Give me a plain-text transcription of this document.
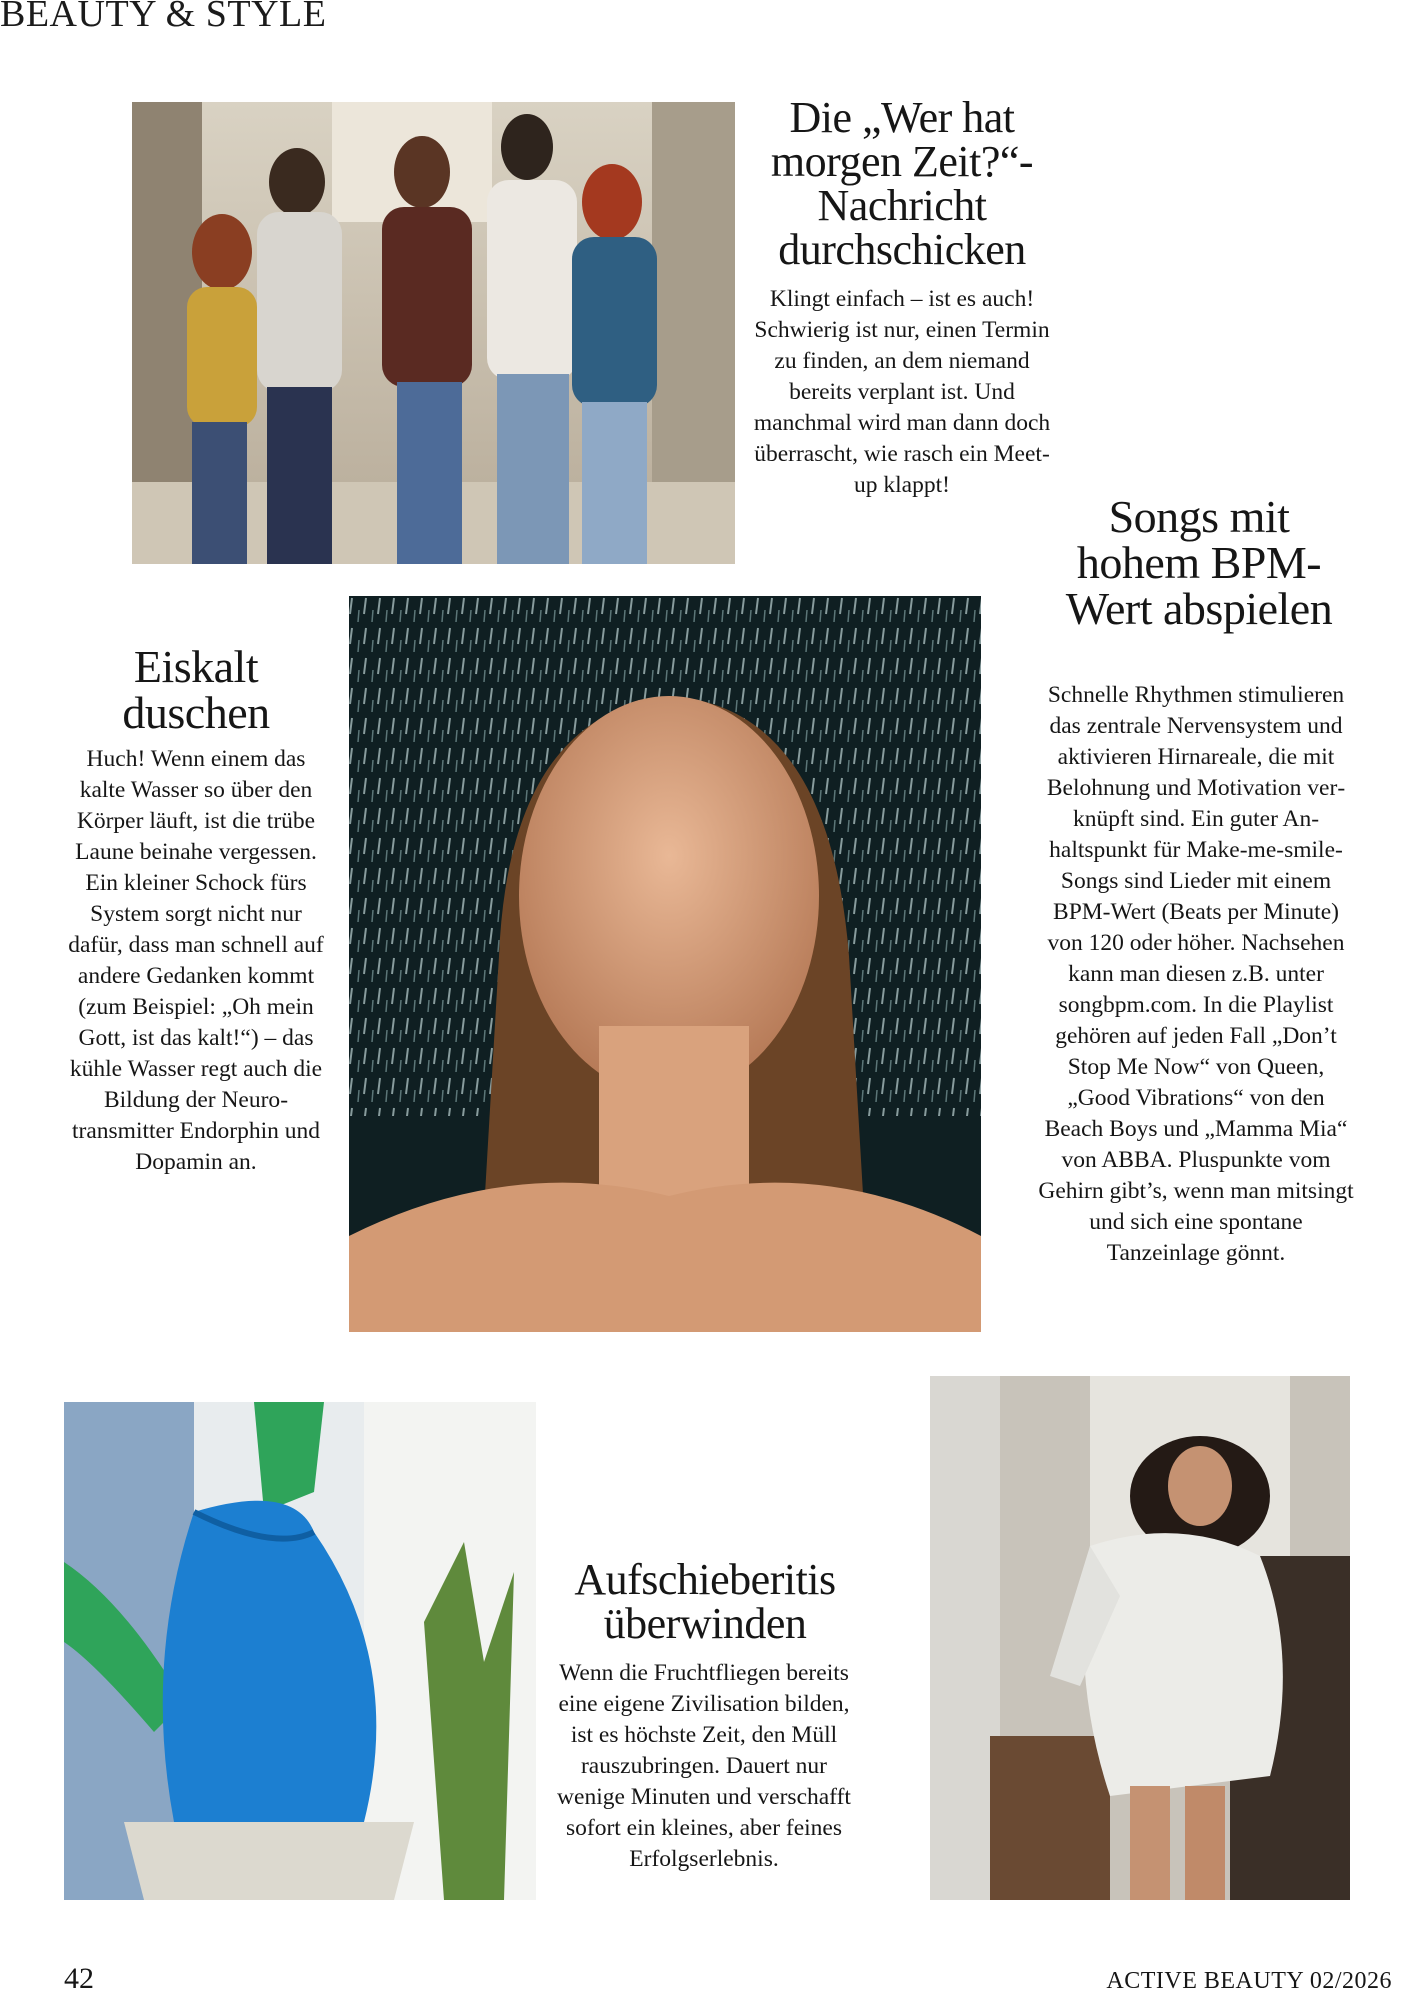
BEAUTY & STYLE
Die „Wer hat morgen Zeit?“-Nachricht durchschicken

Klingt einfach – ist es auch! Schwierig ist nur, einen Termin zu finden, an dem niemand bereits verplant ist. Und manchmal wird man dann doch überrascht, wie rasch ein Meet-up klappt!

Songs mit hohem BPM-Wert abspielen

Schnelle Rhythmen stimulieren das zentrale Nervensystem und aktivieren Hirnareale, die mit Belohnung und Motivation verknüpft sind. Ein guter Anhaltspunkt für Make-me-smile-Songs sind Lieder mit einem BPM-Wert (Beats per Minute) von 120 oder höher. Nachsehen kann man diesen z.B. unter songbpm.com. In die Playlist gehören auf jeden Fall „Don’t Stop Me Now“ von Queen, „Good Vibrations“ von den Beach Boys und „Mamma Mia“ von ABBA. Pluspunkte vom Gehirn gibt’s, wenn man mitsingt und sich eine spontane Tanzeinlage gönnt.

Eiskalt duschen

Huch! Wenn einem das kalte Wasser so über den Körper läuft, ist die trübe Laune beinahe vergessen. Ein kleiner Schock fürs System sorgt nicht nur dafür, dass man schnell auf andere Gedanken kommt (zum Beispiel: „Oh mein Gott, ist das kalt!“) – das kühle Wasser regt auch die Bildung der Neurotransmitter Endorphin und Dopamin an.

Aufschieberitis überwinden

Wenn die Fruchtfliegen bereits eine eigene Zivilisation bilden, ist es höchste Zeit, den Müll rauszubringen. Dauert nur wenige Minuten und verschafft sofort ein kleines, aber feines Erfolgserlebnis.

42	ACTIVE BEAUTY 02/2026
